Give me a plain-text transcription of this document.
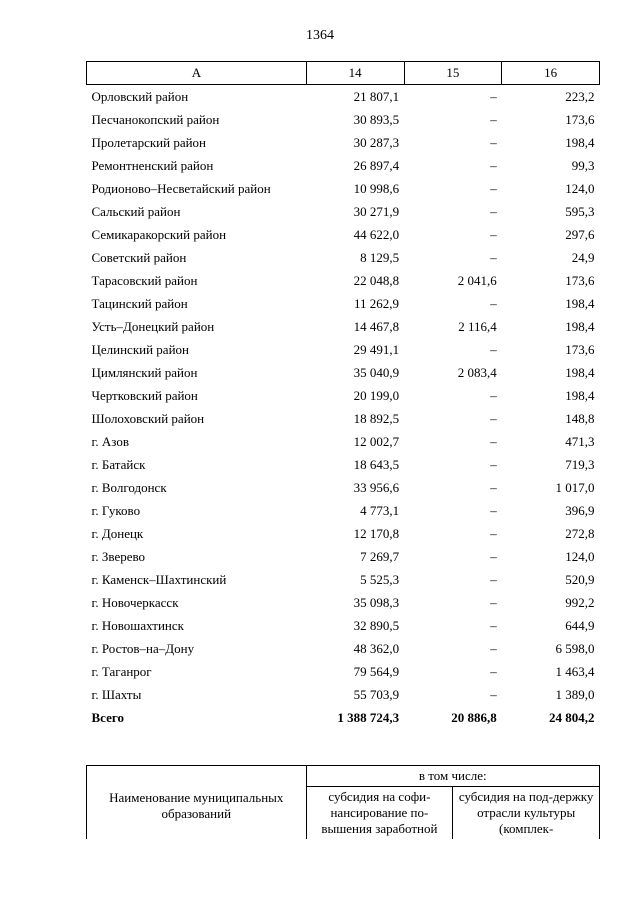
1364
А	14	15	16
Орловский район	21 807,1	–	223,2
Песчанокопский район	30 893,5	–	173,6
Пролетарский район	30 287,3	–	198,4
Ремонтненский район	26 897,4	–	99,3
Родионово–Несветайский район	10 998,6	–	124,0
Сальский район	30 271,9	–	595,3
Семикаракорский район	44 622,0	–	297,6
Советский район	8 129,5	–	24,9
Тарасовский район	22 048,8	2 041,6	173,6
Тацинский район	11 262,9	–	198,4
Усть–Донецкий район	14 467,8	2 116,4	198,4
Целинский район	29 491,1	–	173,6
Цимлянский район	35 040,9	2 083,4	198,4
Чертковский район	20 199,0	–	198,4
Шолоховский район	18 892,5	–	148,8
г. Азов	12 002,7	–	471,3
г. Батайск	18 643,5	–	719,3
г. Волгодонск	33 956,6	–	1 017,0
г. Гуково	4 773,1	–	396,9
г. Донецк	12 170,8	–	272,8
г. Зверево	7 269,7	–	124,0
г. Каменск–Шахтинский	5 525,3	–	520,9
г. Новочеркасск	35 098,3	–	992,2
г. Новошахтинск	32 890,5	–	644,9
г. Ростов–на–Дону	48 362,0	–	6 598,0
г. Таганрог	79 564,9	–	1 463,4
г. Шахты	55 703,9	–	1 389,0
Всего	1 388 724,3	20 886,8	24 804,2
Наименование муниципальных образований	в том числе:	
	субсидия на софи-нансирование по-вышения заработной	субсидия на под-держку отрасли культуры (комплек-
